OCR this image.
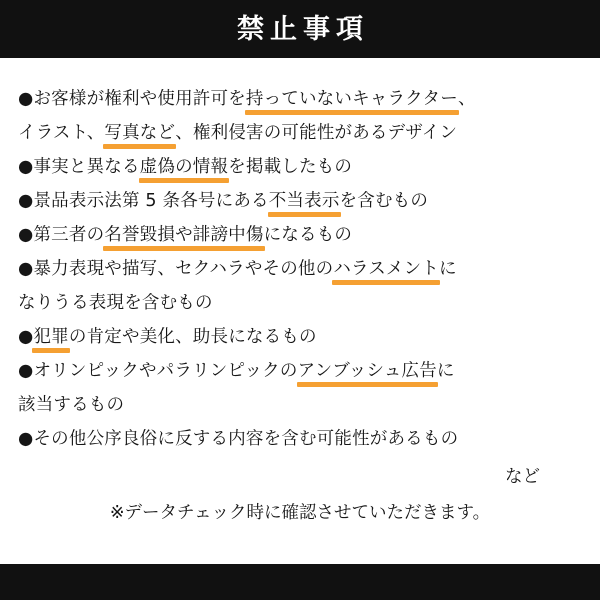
禁止事項
●お客様が権利や使用許可を持っていないキャラクター、
イラスト、写真など、権利侵害の可能性があるデザイン
●事実と異なる虚偽の情報を掲載したもの
●景品表示法第 5 条各号にある不当表示を含むもの
●第三者の名誉毀損や誹謗中傷になるもの
●暴力表現や描写、セクハラやその他のハラスメントに
なりうる表現を含むもの
●犯罪の肯定や美化、助長になるもの
●オリンピックやパラリンピックのアンブッシュ広告に
該当するもの
●その他公序良俗に反する内容を含む可能性があるもの
など
※データチェック時に確認させていただきます。
